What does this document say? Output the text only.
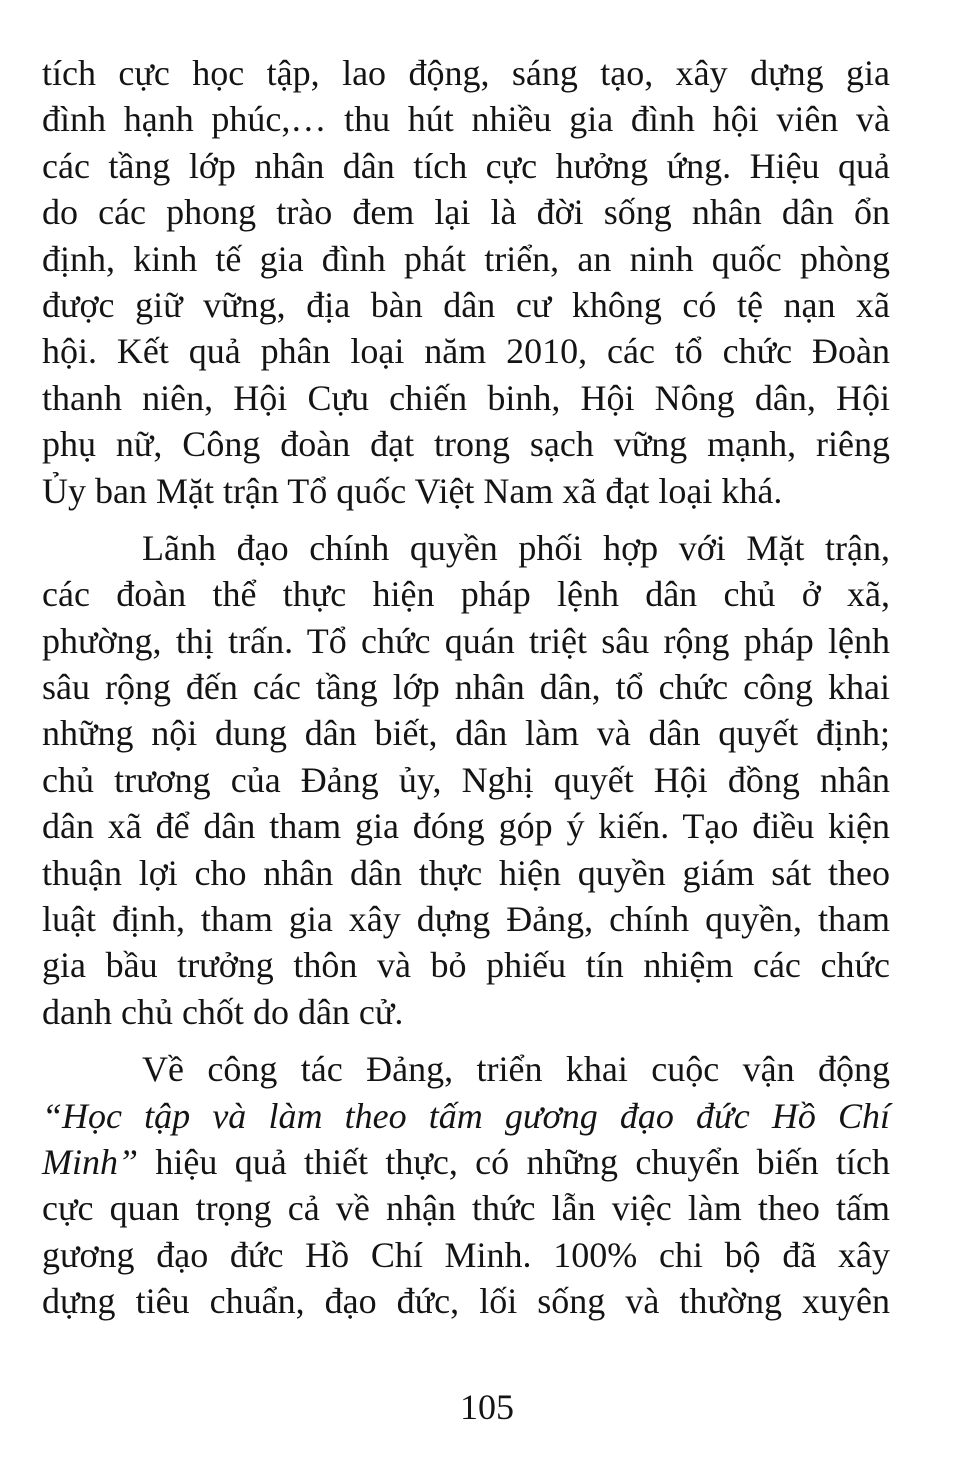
tích cực học tập, lao động, sáng tạo, xây dựng gia
đình hạnh phúc,… thu hút nhiều gia đình hội viên và
các tầng lớp nhân dân tích cực hưởng ứng. Hiệu quả
do các phong trào đem lại là đời sống nhân dân ổn
định, kinh tế gia đình phát triển, an ninh quốc phòng
được giữ vững, địa bàn dân cư không có tệ nạn xã
hội. Kết quả phân loại năm 2010, các tổ chức Đoàn
thanh niên, Hội Cựu chiến binh, Hội Nông dân, Hội
phụ nữ, Công đoàn đạt trong sạch vững mạnh, riêng
Ủy ban Mặt trận Tổ quốc Việt Nam xã đạt loại khá.

Lãnh đạo chính quyền phối hợp với Mặt trận,
các đoàn thể thực hiện pháp lệnh dân chủ ở xã,
phường, thị trấn. Tổ chức quán triệt sâu rộng pháp lệnh
sâu rộng đến các tầng lớp nhân dân, tổ chức công khai
những nội dung dân biết, dân làm và dân quyết định;
chủ trương của Đảng ủy, Nghị quyết Hội đồng nhân
dân xã để dân tham gia đóng góp ý kiến. Tạo điều kiện
thuận lợi cho nhân dân thực hiện quyền giám sát theo
luật định, tham gia xây dựng Đảng, chính quyền, tham
gia bầu trưởng thôn và bỏ phiếu tín nhiệm các chức
danh chủ chốt do dân cử.

Về công tác Đảng, triển khai cuộc vận động
“Học tập và làm theo tấm gương đạo đức Hồ Chí
Minh” hiệu quả thiết thực, có những chuyển biến tích
cực quan trọng cả về nhận thức lẫn việc làm theo tấm
gương đạo đức Hồ Chí Minh. 100% chi bộ đã xây
dựng tiêu chuẩn, đạo đức, lối sống và thường xuyên

105
